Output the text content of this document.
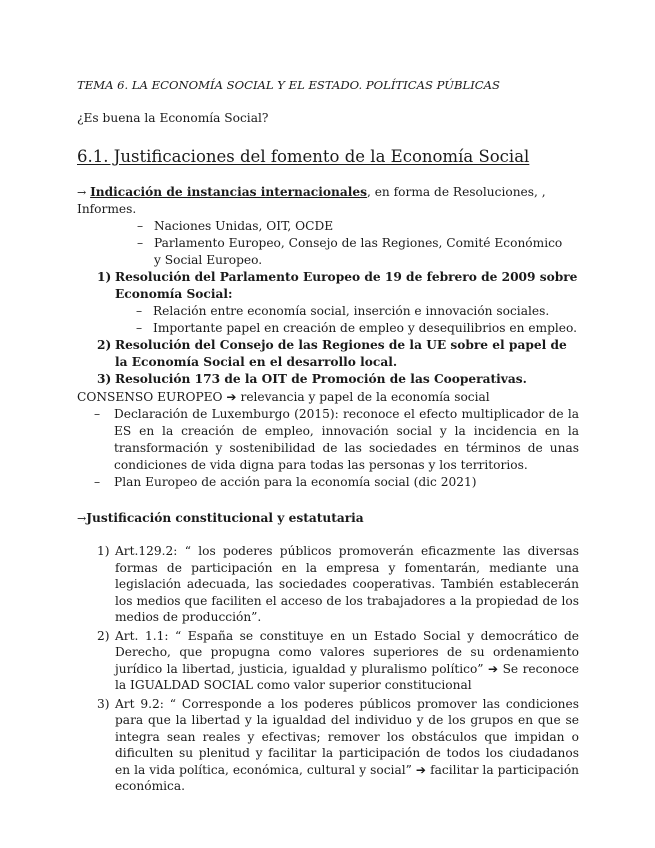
TEMA 6. LA ECONOMÍA SOCIAL Y EL ESTADO. POLÍTICAS PÚBLICAS
¿Es buena la Economía Social?
6.1. Justificaciones del fomento de la Economía Social
→ Indicación de instancias internacionales, en forma de Resoluciones, , Informes.
– Naciones Unidas, OIT, OCDE
– Parlamento Europeo, Consejo de las Regiones, Comité Económico y Social Europeo.
1) Resolución del Parlamento Europeo de 19 de febrero de 2009 sobre Economía Social:
– Relación entre economía social, inserción e innovación sociales.
– Importante papel en creación de empleo y desequilibrios en empleo.
2) Resolución del Consejo de las Regiones de la UE sobre el papel de la Economía Social en el desarrollo local.
3) Resolución 173 de la OIT de Promoción de las Cooperativas.
CONSENSO EUROPEO ➔ relevancia y papel de la economía social
– Declaración de Luxemburgo (2015): reconoce el efecto multiplicador de la ES en la creación de empleo, innovación social y la incidencia en la transformación y sostenibilidad de las sociedades en términos de unas condiciones de vida digna para todas las personas y los territorios.
– Plan Europeo de acción para la economía social (dic 2021)
→Justificación constitucional y estatutaria
1) Art.129.2: “ los poderes públicos promoverán eficazmente las diversas formas de participación en la empresa y fomentarán, mediante una legislación adecuada, las sociedades cooperativas. También establecerán los medios que faciliten el acceso de los trabajadores a la propiedad de los medios de producción”.
2) Art. 1.1: “ España se constituye en un Estado Social y democrático de Derecho, que propugna como valores superiores de su ordenamiento jurídico la libertad, justicia, igualdad y pluralismo político” ➔ Se reconoce la IGUALDAD SOCIAL como valor superior constitucional
3) Art 9.2: “ Corresponde a los poderes públicos promover las condiciones para que la libertad y la igualdad del individuo y de los grupos en que se integra sean reales y efectivas; remover los obstáculos que impidan o dificulten su plenitud y facilitar la participación de todos los ciudadanos en la vida política, económica, cultural y social” ➔ facilitar la participación económica.
